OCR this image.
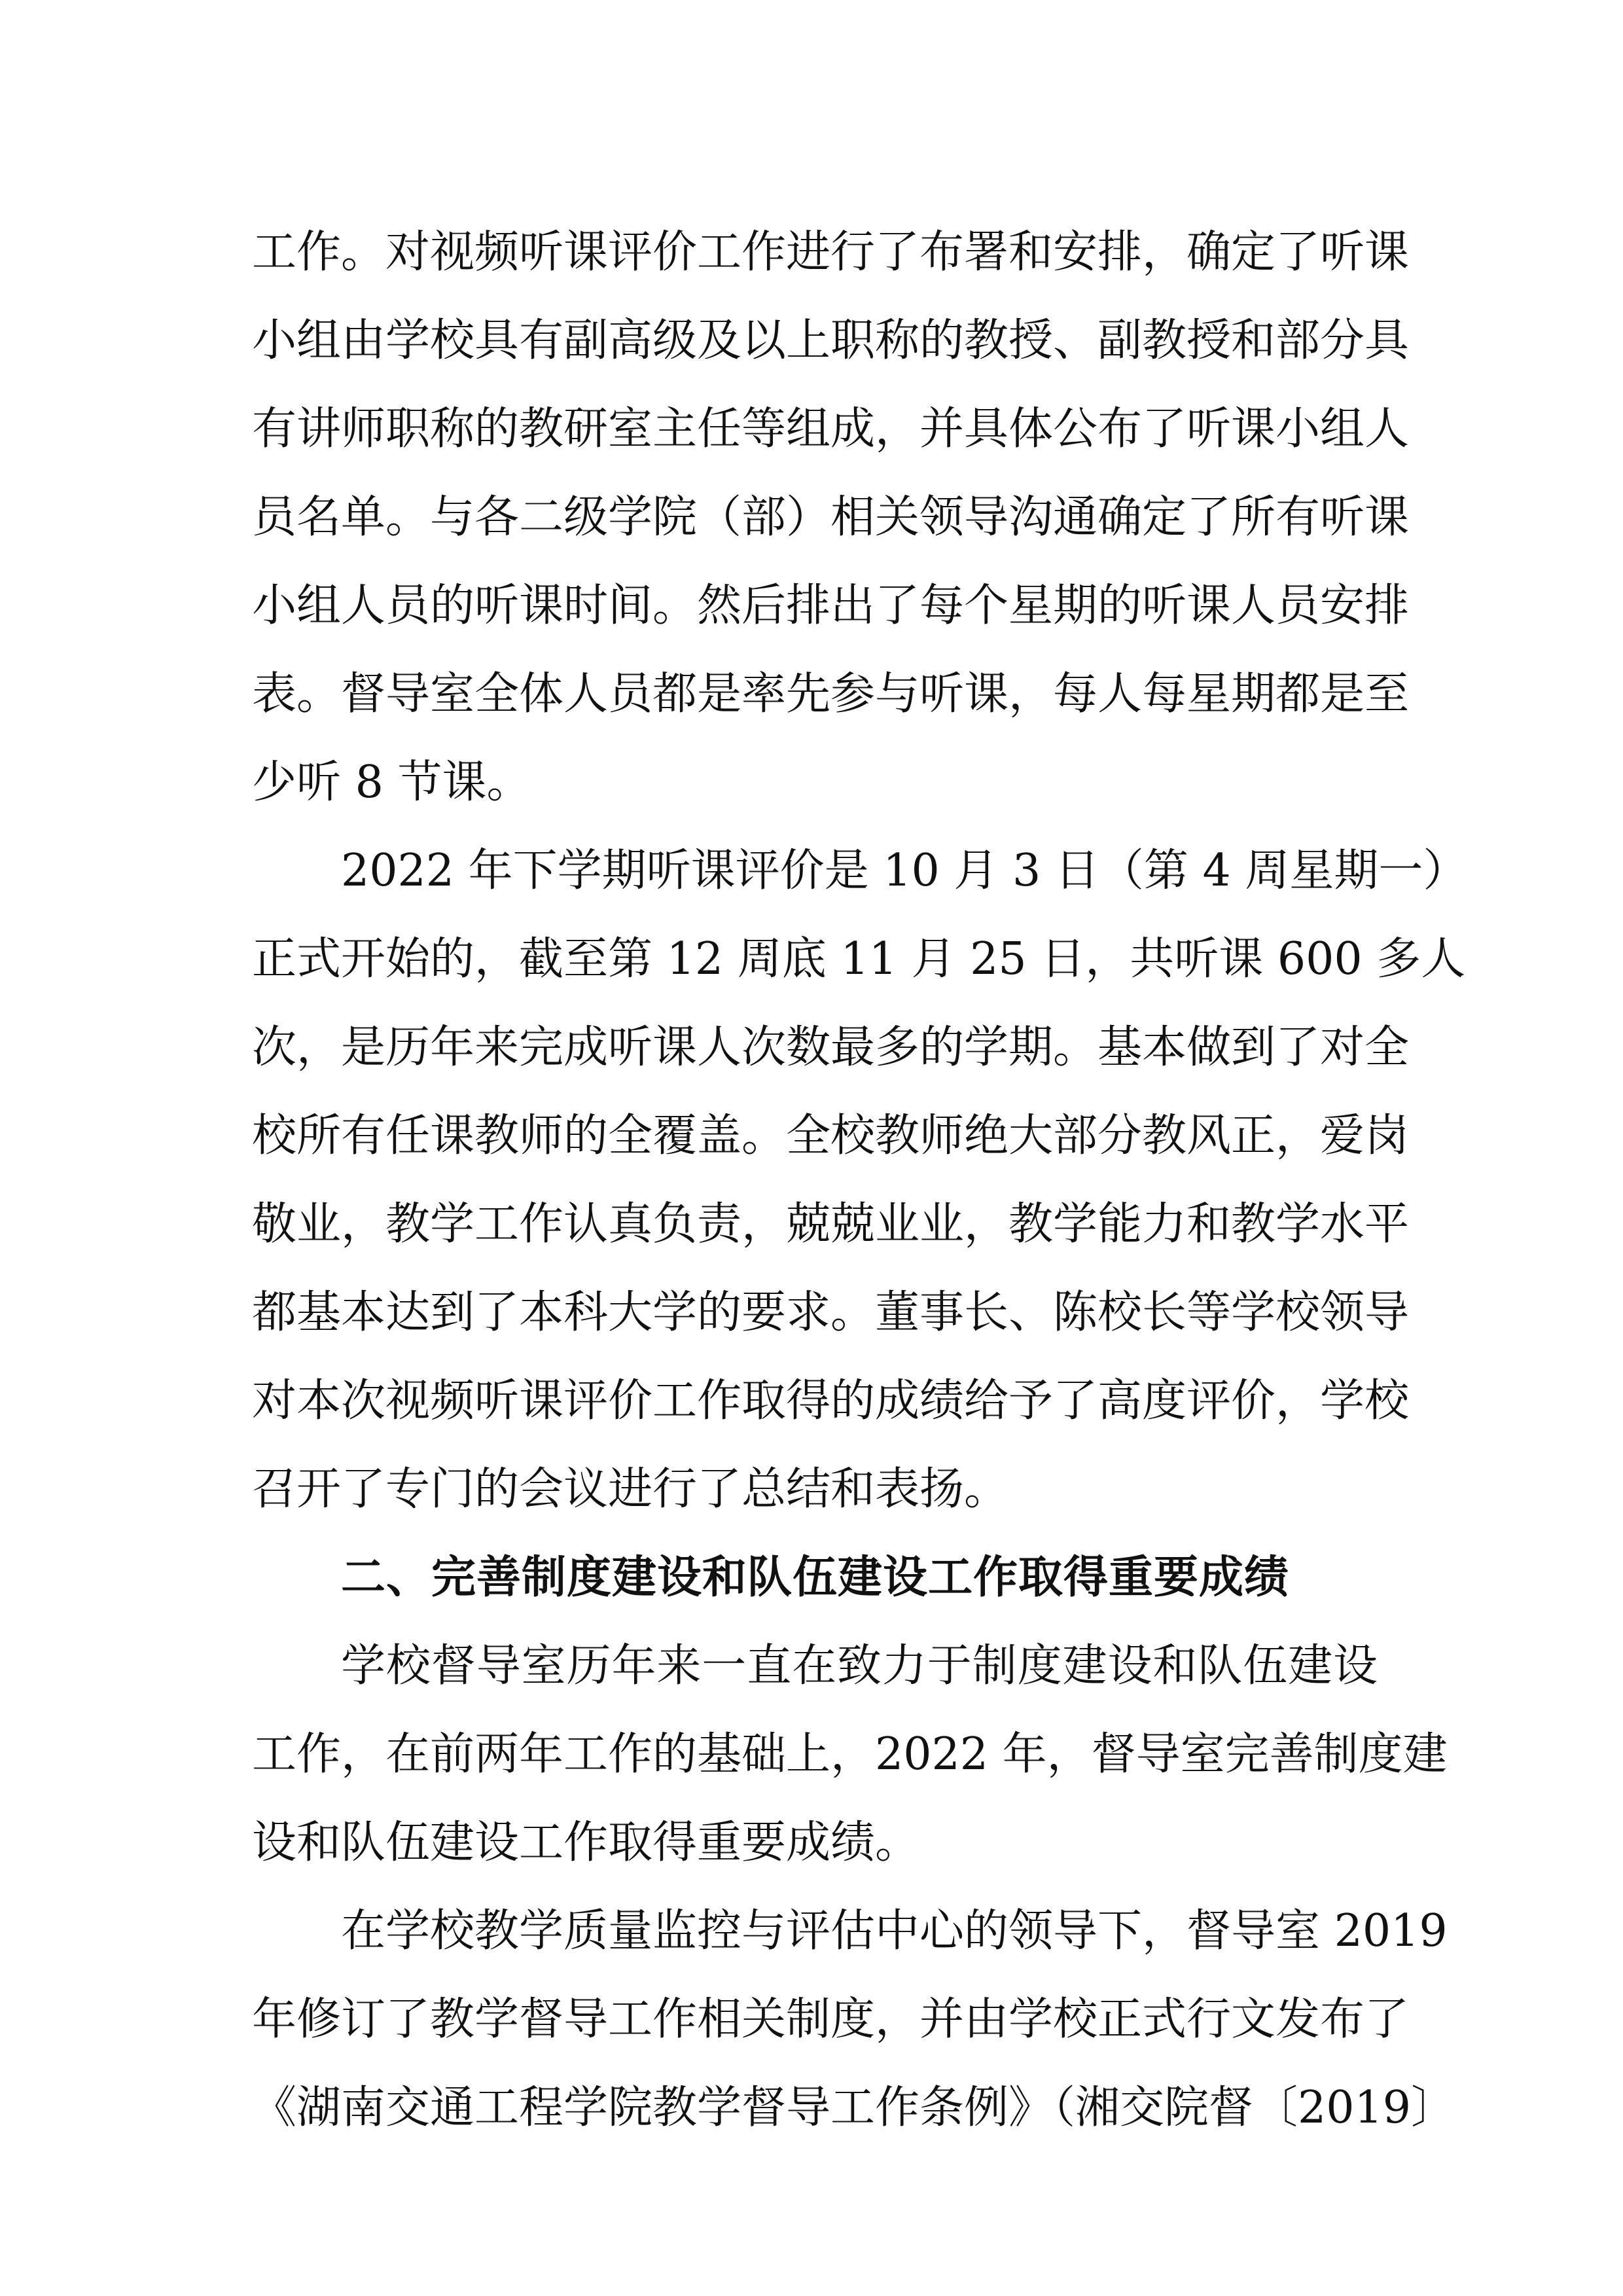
工作。对视频听课评价工作进行了布署和安排，确定了听课
小组由学校具有副高级及以上职称的教授、副教授和部分具
有讲师职称的教研室主任等组成，并具体公布了听课小组人
员名单。与各二级学院（部）相关领导沟通确定了所有听课
小组人员的听课时间。然后排出了每个星期的听课人员安排
表。督导室全体人员都是率先参与听课，每人每星期都是至
少听 8 节课。
2022 年下学期听课评价是 10 月 3 日（第 4 周星期一）
正式开始的，截至第 12 周底 11 月 25 日，共听课 600 多人
次，是历年来完成听课人次数最多的学期。基本做到了对全
校所有任课教师的全覆盖。全校教师绝大部分教风正，爱岗
敬业，教学工作认真负责，兢兢业业，教学能力和教学水平
都基本达到了本科大学的要求。董事长、陈校长等学校领导
对本次视频听课评价工作取得的成绩给予了高度评价，学校
召开了专门的会议进行了总结和表扬。
二、完善制度建设和队伍建设工作取得重要成绩
学校督导室历年来一直在致力于制度建设和队伍建设
工作，在前两年工作的基础上，2022 年，督导室完善制度建
设和队伍建设工作取得重要成绩。
在学校教学质量监控与评估中心的领导下，督导室 2019
年修订了教学督导工作相关制度，并由学校正式行文发布了
《湖南交通工程学院教学督导工作条例》（湘交院督〔2019〕
